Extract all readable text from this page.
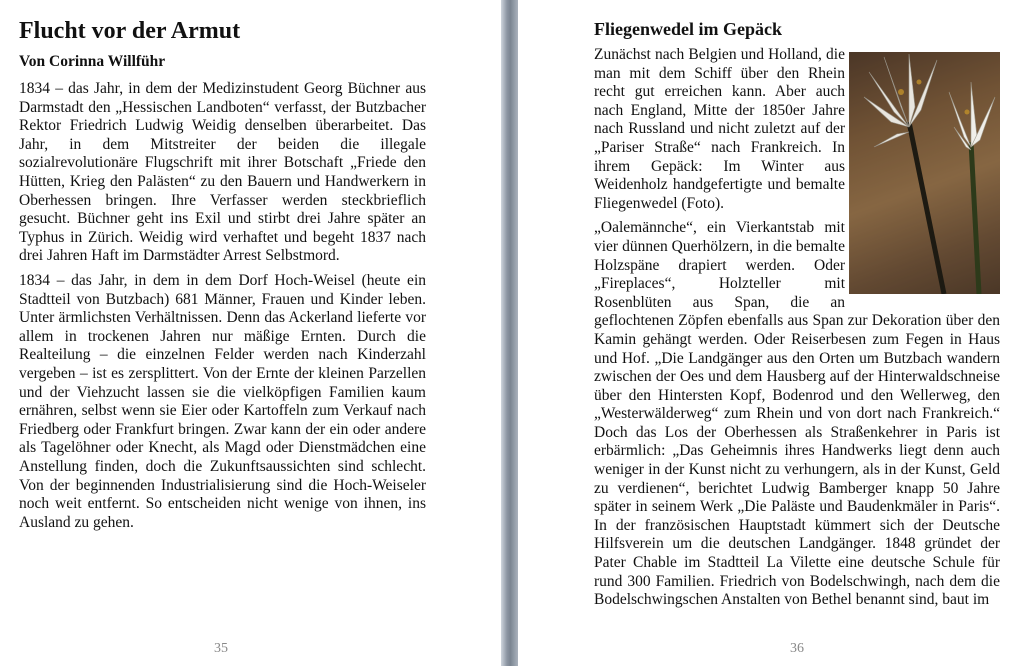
Flucht vor der Armut
Von Corinna Willführ

1834 – das Jahr, in dem der Medizinstudent Georg Büchner aus Darmstadt den „Hessischen Landboten“ verfasst, der Butzbacher Rektor Friedrich Ludwig Weidig denselben überarbeitet. Das Jahr, in dem Mitstreiter der beiden die illegale sozialrevolutionäre Flugschrift mit ihrer Botschaft „Friede den Hütten, Krieg den Palästen“ zu den Bauern und Handwerkern in Oberhessen bringen. Ihre Verfasser werden steckbrieflich gesucht. Büchner geht ins Exil und stirbt drei Jahre später an Typhus in Zürich. Weidig wird verhaftet und begeht 1837 nach drei Jahren Haft im Darmstädter Arrest Selbstmord.

1834 – das Jahr, in dem in dem Dorf Hoch-Weisel (heute ein Stadtteil von Butzbach) 681 Männer, Frauen und Kinder leben. Unter ärmlichsten Verhältnissen. Denn das Ackerland lieferte vor allem in trockenen Jahren nur mäßige Ernten. Durch die Realteilung – die einzelnen Felder werden nach Kinderzahl vergeben – ist es zersplittert. Von der Ernte der kleinen Parzellen und der Viehzucht lassen sie die vielköpfigen Familien kaum ernähren, selbst wenn sie Eier oder Kartoffeln zum Verkauf nach Friedberg oder Frankfurt bringen. Zwar kann der ein oder andere als Tagelöhner oder Knecht, als Magd oder Dienstmädchen eine Anstellung finden, doch die Zukunftsaussichten sind schlecht. Von der beginnenden Industrialisierung sind die Hoch-Weiseler noch weit entfernt. So entscheiden nicht wenige von ihnen, ins Ausland zu gehen.

35
Fliegenwedel im Gepäck

Zunächst nach Belgien und Holland, die man mit dem Schiff über den Rhein recht gut erreichen kann. Aber auch nach England, Mitte der 1850er Jahre nach Russland und nicht zuletzt auf der „Pariser Straße“ nach Frankreich. In ihrem Gepäck: Im Winter aus Weidenholz handgefertigte und bemalte Fliegenwedel (Foto).

„Oalemännche“, ein Vierkantstab mit vier dünnen Querhölzern, in die bemalte Holzspäne drapiert werden. Oder „Fireplaces“, Holzteller mit Rosenblüten aus Span, die an geflochtenen Zöpfen ebenfalls aus Span zur Dekoration über den Kamin gehängt werden. Oder Reiserbesen zum Fegen in Haus und Hof. „Die Landgänger aus den Orten um Butzbach wandern zwischen der Oes und dem Hausberg auf der Hinterwaldschneise über den Hintersten Kopf, Bodenrod und den Wellerweg, den „Westerwälderweg“ zum Rhein und von dort nach Frankreich.“ Doch das Los der Oberhessen als Straßenkehrer in Paris ist erbärmlich: „Das Geheimnis ihres Handwerks liegt denn auch weniger in der Kunst nicht zu verhungern, als in der Kunst, Geld zu verdienen“, berichtet Ludwig Bamberger knapp 50 Jahre später in seinem Werk „Die Paläste und Baudenkmäler in Paris“. In der französischen Hauptstadt kümmert sich der Deutsche Hilfsverein um die deutschen Landgänger. 1848 gründet der Pater Chable im Stadtteil La Vilette eine deutsche Schule für rund 300 Familien. Friedrich von Bodelschwingh, nach dem die Bodelschwingschen Anstalten von Bethel benannt sind, baut im

36
